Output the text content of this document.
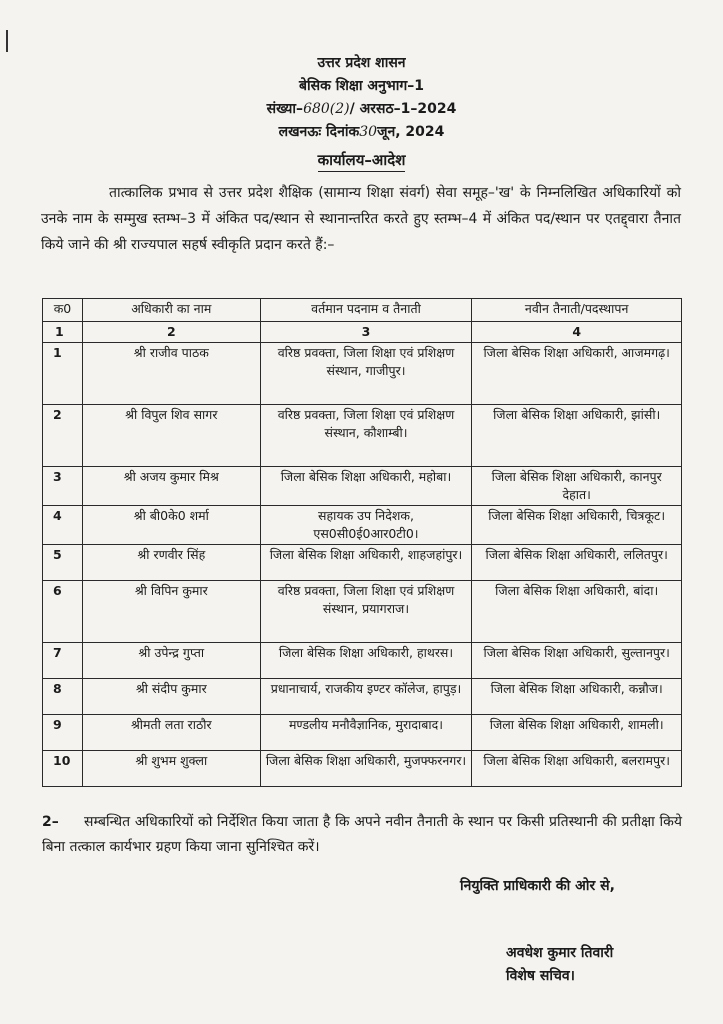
उत्तर प्रदेश शासन
बेसिक शिक्षा अनुभाग–1
संख्या–680(2)/ अरसठ–1–2024
लखनऊः दिनांक30जून, 2024
कार्यालय–आदेश
तात्कालिक प्रभाव से उत्तर प्रदेश शैक्षिक (सामान्य शिक्षा संवर्ग) सेवा समूह–'ख' के निम्नलिखित अधिकारियों को उनके नाम के सम्मुख स्तम्भ–3 में अंकित पद/स्थान से स्थानान्तरित करते हुए स्तम्भ–4 में अंकित पद/स्थान पर एतद्द्वारा तैनात किये जाने की श्री राज्यपाल सहर्ष स्वीकृति प्रदान करते हैं:–
क0	अधिकारी का नाम	वर्तमान पदनाम व तैनाती	नवीन तैनाती/पदस्थापन
1	2	3	4
1	श्री राजीव पाठक	वरिष्ठ प्रवक्ता, जिला शिक्षा एवं प्रशिक्षण संस्थान, गाजीपुर।	जिला बेसिक शिक्षा अधिकारी, आजमगढ़।
2	श्री विपुल शिव सागर	वरिष्ठ प्रवक्ता, जिला शिक्षा एवं प्रशिक्षण संस्थान, कौशाम्बी।	जिला बेसिक शिक्षा अधिकारी, झांसी।
3	श्री अजय कुमार मिश्र	जिला बेसिक शिक्षा अधिकारी, महोबा।	जिला बेसिक शिक्षा अधिकारी, कानपुर देहात।
4	श्री बी0के0 शर्मा	सहायक उप निदेशक, एस0सी0ई0आर0टी0।	जिला बेसिक शिक्षा अधिकारी, चित्रकूट।
5	श्री रणवीर सिंह	जिला बेसिक शिक्षा अधिकारी, शाहजहांपुर।	जिला बेसिक शिक्षा अधिकारी, ललितपुर।
6	श्री विपिन कुमार	वरिष्ठ प्रवक्ता, जिला शिक्षा एवं प्रशिक्षण संस्थान, प्रयागराज।	जिला बेसिक शिक्षा अधिकारी, बांदा।
7	श्री उपेन्द्र गुप्ता	जिला बेसिक शिक्षा अधिकारी, हाथरस।	जिला बेसिक शिक्षा अधिकारी, सुल्तानपुर।
8	श्री संदीप कुमार	प्रधानाचार्य, राजकीय इण्टर कॉलेज, हापुड़।	जिला बेसिक शिक्षा अधिकारी, कन्नौज।
9	श्रीमती लता राठौर	मण्डलीय मनौवैज्ञानिक, मुरादाबाद।	जिला बेसिक शिक्षा अधिकारी, शामली।
10	श्री शुभम शुक्ला	जिला बेसिक शिक्षा अधिकारी, मुजफ्फरनगर।	जिला बेसिक शिक्षा अधिकारी, बलरामपुर।
2– सम्बन्धित अधिकारियों को निर्देशित किया जाता है कि अपने नवीन तैनाती के स्थान पर किसी प्रतिस्थानी की प्रतीक्षा किये बिना तत्काल कार्यभार ग्रहण किया जाना सुनिश्चित करें।
नियुक्ति प्राधिकारी की ओर से,
अवधेश कुमार तिवारी
विशेष सचिव।
